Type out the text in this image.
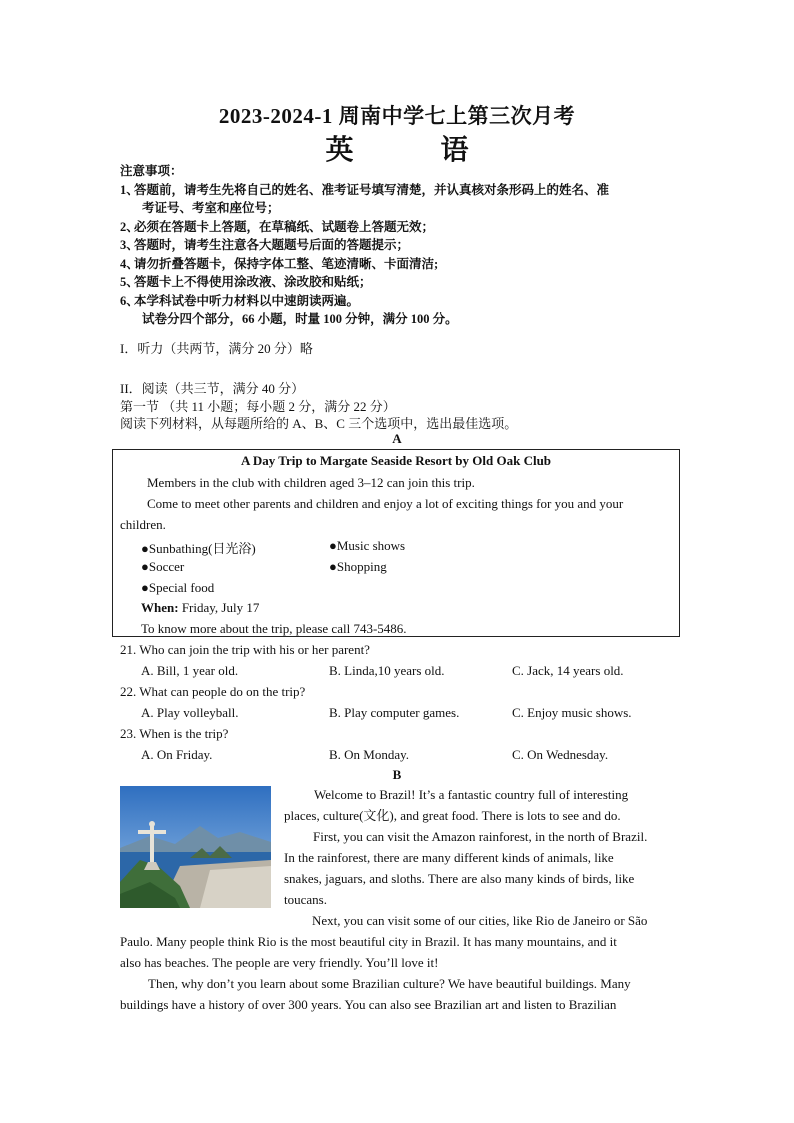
2023-2024-1 周南中学七上第三次月考
英 语
注意事项：
1、答题前，请考生先将自己的姓名、准考证号填写清楚，并认真核对条形码上的姓名、准
考证号、考室和座位号；
2、必须在答题卡上答题，在草稿纸、试题卷上答题无效；
3、答题时，请考生注意各大题题号后面的答题提示；
4、请勿折叠答题卡，保持字体工整、笔迹清晰、卡面清洁;
5、答题卡上不得使用涂改液、涂改胶和贴纸；
6、本学科试卷中听力材料以中速朗读两遍。
试卷分四个部分，66 小题，时量 100 分钟，满分 100 分。
I．听力（共两节，满分 20 分）略
II．阅读（共三节，满分 40 分）
第一节 （共 11 小题；每小题 2 分，满分 22 分）
阅读下列材料，从每题所给的 A、B、C 三个选项中，选出最佳选项。
A
A Day Trip to Margate Seaside Resort by Old Oak Club
Members in the club with children aged 3–12 can join this trip.
Come to meet other parents and children and enjoy a lot of exciting things for you and your
children.
●Sunbathing(日光浴)	●Music shows
●Soccer	●Shopping
●Special food
When: Friday, July 17
To know more about the trip, please call 743-5486.
21. Who can join the trip with his or her parent?
A. Bill, 1 year old.	B. Linda,10 years old.	C. Jack, 14 years old.
22. What can people do on the trip?
A. Play volleyball.	B. Play computer games.	C. Enjoy music shows.
23. When is the trip?
A. On Friday.	B. On Monday.	C. On Wednesday.
B
Welcome to Brazil! It’s a fantastic country full of interesting
places, culture(文化), and great food. There is lots to see and do.
First, you can visit the Amazon rainforest, in the north of Brazil.
In the rainforest, there are many different kinds of animals, like
snakes, jaguars, and sloths. There are also many kinds of birds, like
toucans.
Next, you can visit some of our cities, like Rio de Janeiro or São
Paulo. Many people think Rio is the most beautiful city in Brazil. It has many mountains, and it
also has beaches. The people are very friendly. You’ll love it!
Then, why don’t you learn about some Brazilian culture? We have beautiful buildings. Many
buildings have a history of over 300 years. You can also see Brazilian art and listen to Brazilian
